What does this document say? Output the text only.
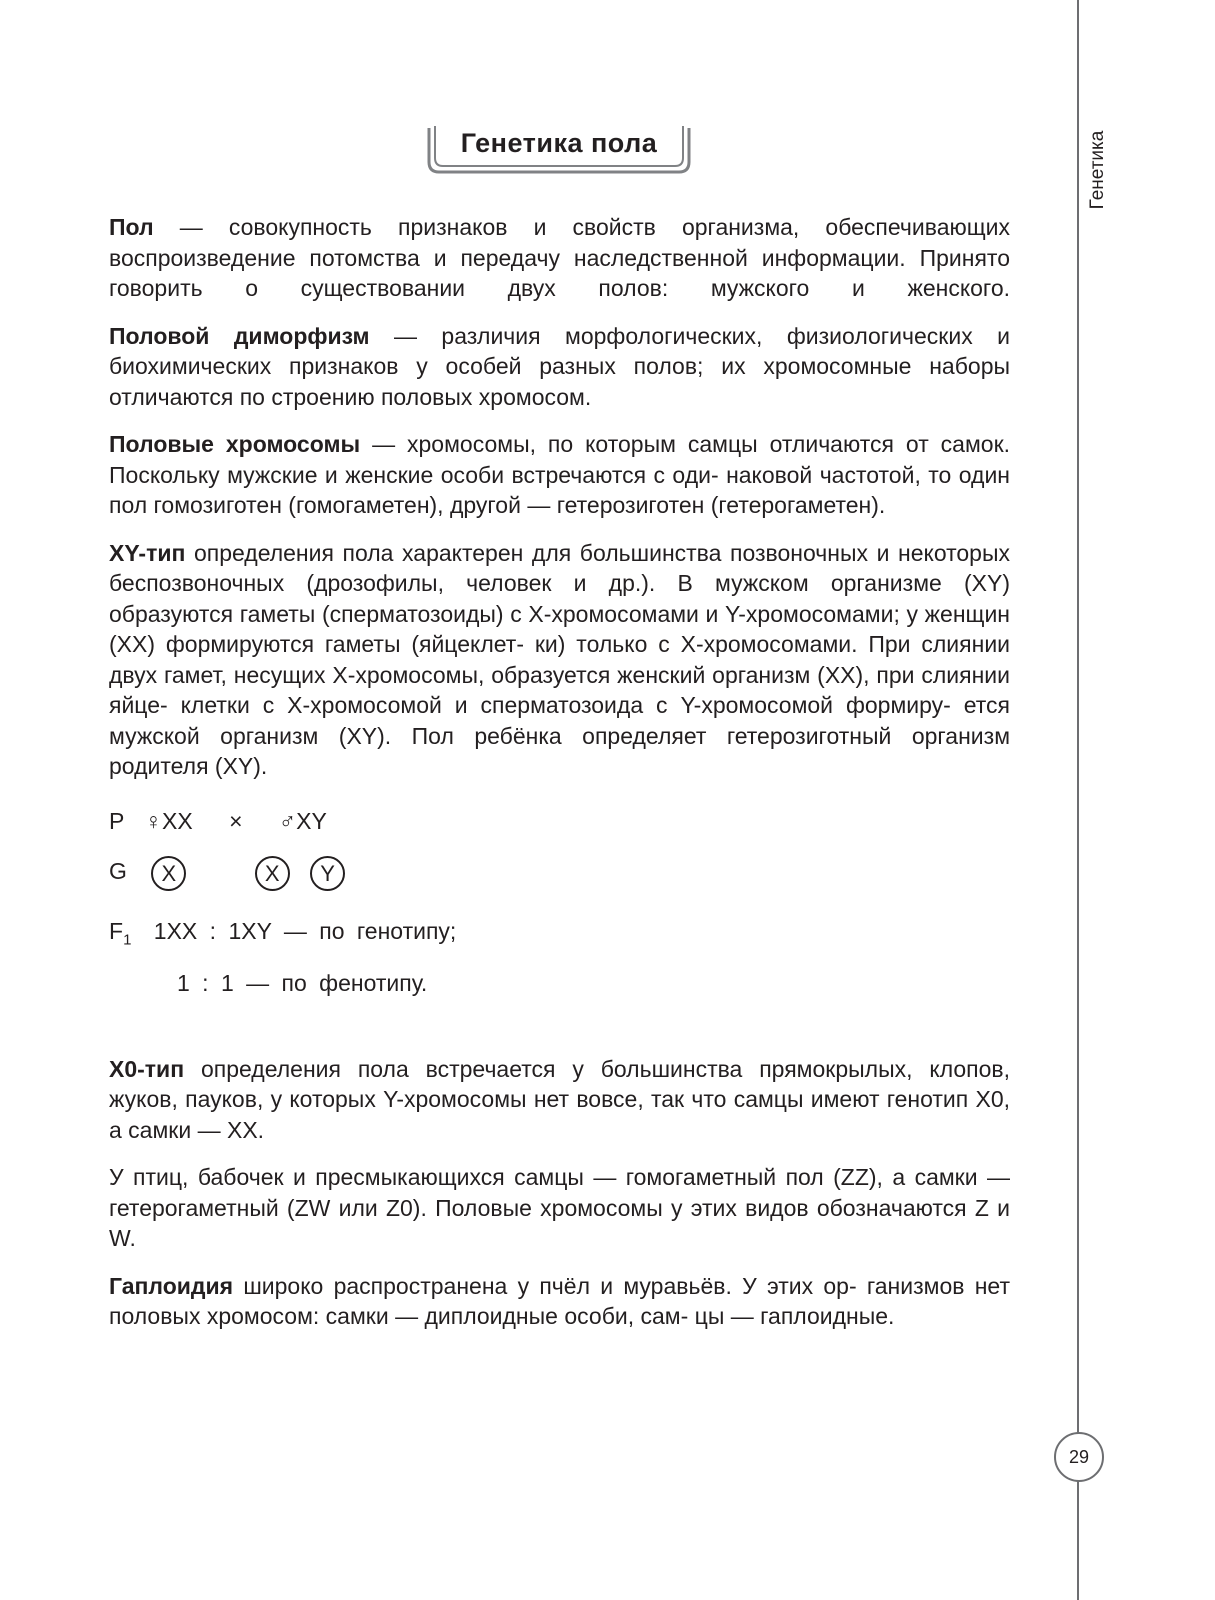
Генетика
29
Генетика пола

Пол — совокупность признаков и свойств организма, обеспечивающих воспроизведение потомства и передачу наследственной информации. Принято говорить о существовании двух полов: мужского и женского.

Половой диморфизм — различия морфологических, физиологических и биохимических признаков у особей разных полов; их хромосомные наборы отличаются по строению половых хромосом.

Половые хромосомы — хромосомы, по которым самцы отличаются от самок. Поскольку мужские и женские особи встречаются с оди- наковой частотой, то один пол гомозиготен (гомогаметен), другой — гетерозиготен (гетерогаметен).

XY-тип определения пола характерен для большинства позвоночных и некоторых беспозвоночных (дрозофилы, человек и др.). В мужском организме (XY) образуются гаметы (сперматозоиды) с X-хромосомами и Y-хромосомами; у женщин (XX) формируются гаметы (яйцеклет- ки) только с X-хромосомами. При слиянии двух гамет, несущих X-хромосомы, образуется женский организм (XX), при слиянии яйце- клетки с X-хромосомой и сперматозоида с Y-хромосомой формиру- ется мужской организм (XY). Пол ребёнка определяет гетерозиготный организм родителя (XY).

P ♀XX × ♂XY
G X	X Y
$F_1$ 1XX : 1XY — по генотипу;
1 : 1 — по фенотипу.

X0-тип определения пола встречается у большинства прямокрылых, клопов, жуков, пауков, у которых Y-хромосомы нет вовсе, так что самцы имеют генотип X0, а самки — XX.

У птиц, бабочек и пресмыкающихся самцы — гомогаметный пол (ZZ), а самки — гетерогаметный (ZW или Z0). Половые хромосомы у этих видов обозначаются Z и W.

Гаплоидия широко распространена у пчёл и муравьёв. У этих ор- ганизмов нет половых хромосом: самки — диплоидные особи, сам- цы — гаплоидные.
